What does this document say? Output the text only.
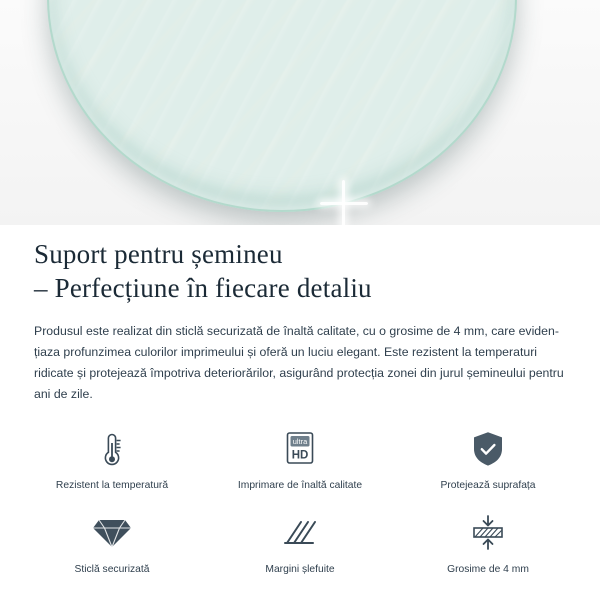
Suport pentru șemineu
– Perfecțiune în fiecare detaliu

Produsul este realizat din sticlă securizată de înaltă calitate, cu o grosime de 4 mm, care eviden-țiaza profunzimea culorilor imprimeului și oferă un luciu elegant. Este rezistent la temperaturi ridicate și protejează împotriva deteriorărilor, asigurând protecția zonei din jurul șemineului pentru ani de zile.

Rezistent la temperatură
ultra
HD
Imprimare de înaltă calitate	Protejează suprafața
Sticlă securizată	Margini șlefuite	Grosime de 4 mm
